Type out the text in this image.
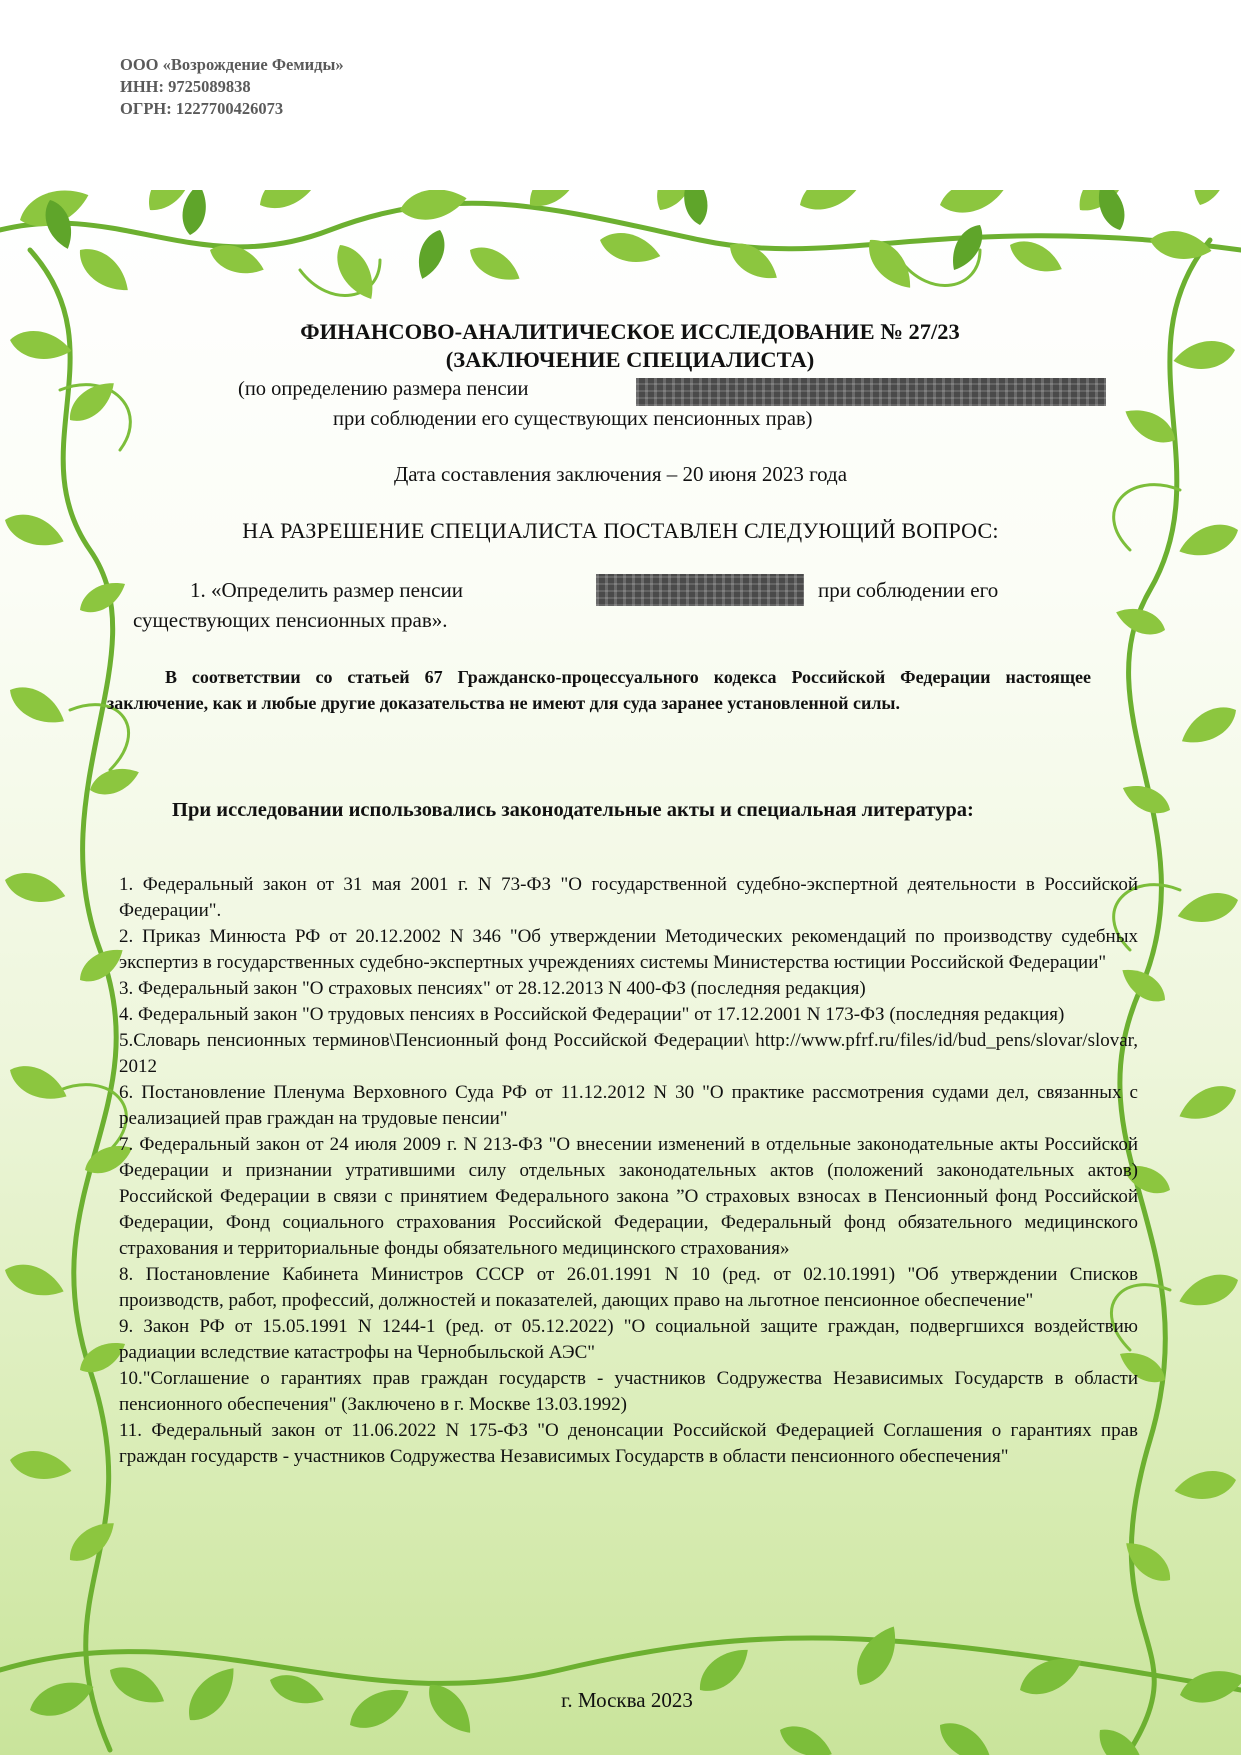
ООО «Возрождение Фемиды»
ИНН: 9725089838
ОГРН: 1227700426073
ФИНАНСОВО-АНАЛИТИЧЕСКОЕ ИССЛЕДОВАНИЕ № 27/23
(ЗАКЛЮЧЕНИЕ СПЕЦИАЛИСТА)
(по определению размера пенсии
при соблюдении его существующих пенсионных прав)
Дата составления заключения – 20 июня 2023 года
НА РАЗРЕШЕНИЕ СПЕЦИАЛИСТА ПОСТАВЛЕН СЛЕДУЮЩИЙ ВОПРОС:
1. «Определить размер пенсии	при соблюдении его
существующих пенсионных прав».
В соответствии со статьей 67 Гражданско-процессуального кодекса Российской Федерации настоящее заключение, как и любые другие доказательства не имеют для суда заранее установленной силы.
При исследовании использовались законодательные акты и специальная литература:

1. Федеральный закон от 31 мая 2001 г. N 73-ФЗ "О государственной судебно-экспертной деятельности в Российской Федерации".

2. Приказ Минюста РФ от 20.12.2002 N 346 "Об утверждении Методических рекомендаций по производству судебных экспертиз в государственных судебно-экспертных учреждениях системы Министерства юстиции Российской Федерации"

3. Федеральный закон "О страховых пенсиях" от 28.12.2013 N 400-ФЗ (последняя редакция)

4. Федеральный закон "О трудовых пенсиях в Российской Федерации" от 17.12.2001 N 173-ФЗ (последняя редакция)

5.Словарь пенсионных терминов\Пенсионный фонд Российской Федерации\ http://www.pfrf.ru/files/id/bud_pens/slovar/slovar, 2012

6. Постановление Пленума Верховного Суда РФ от 11.12.2012 N 30 "О практике рассмотрения судами дел, связанных с реализацией прав граждан на трудовые пенсии"

7. Федеральный закон от 24 июля 2009 г. N 213-ФЗ "О внесении изменений в отдельные законодательные акты Российской Федерации и признании утратившими силу отдельных законодательных актов (положений законодательных актов) Российской Федерации в связи с принятием Федерального закона ”О страховых взносах в Пенсионный фонд Российской Федерации, Фонд социального страхования Российской Федерации, Федеральный фонд обязательного медицинского страхования и территориальные фонды обязательного медицинского страхования»

8. Постановление Кабинета Министров СССР от 26.01.1991 N 10 (ред. от 02.10.1991) "Об утверждении Списков производств, работ, профессий, должностей и показателей, дающих право на льготное пенсионное обеспечение"

9. Закон РФ от 15.05.1991 N 1244-1 (ред. от 05.12.2022) "О социальной защите граждан, подвергшихся воздействию радиации вследствие катастрофы на Чернобыльской АЭС"

10."Соглашение о гарантиях прав граждан государств - участников Содружества Независимых Государств в области пенсионного обеспечения" (Заключено в г. Москве 13.03.1992)

11. Федеральный закон от 11.06.2022 N 175-ФЗ "О денонсации Российской Федерацией Соглашения о гарантиях прав граждан государств - участников Содружества Независимых Государств в области пенсионного обеспечения"

г. Москва 2023
